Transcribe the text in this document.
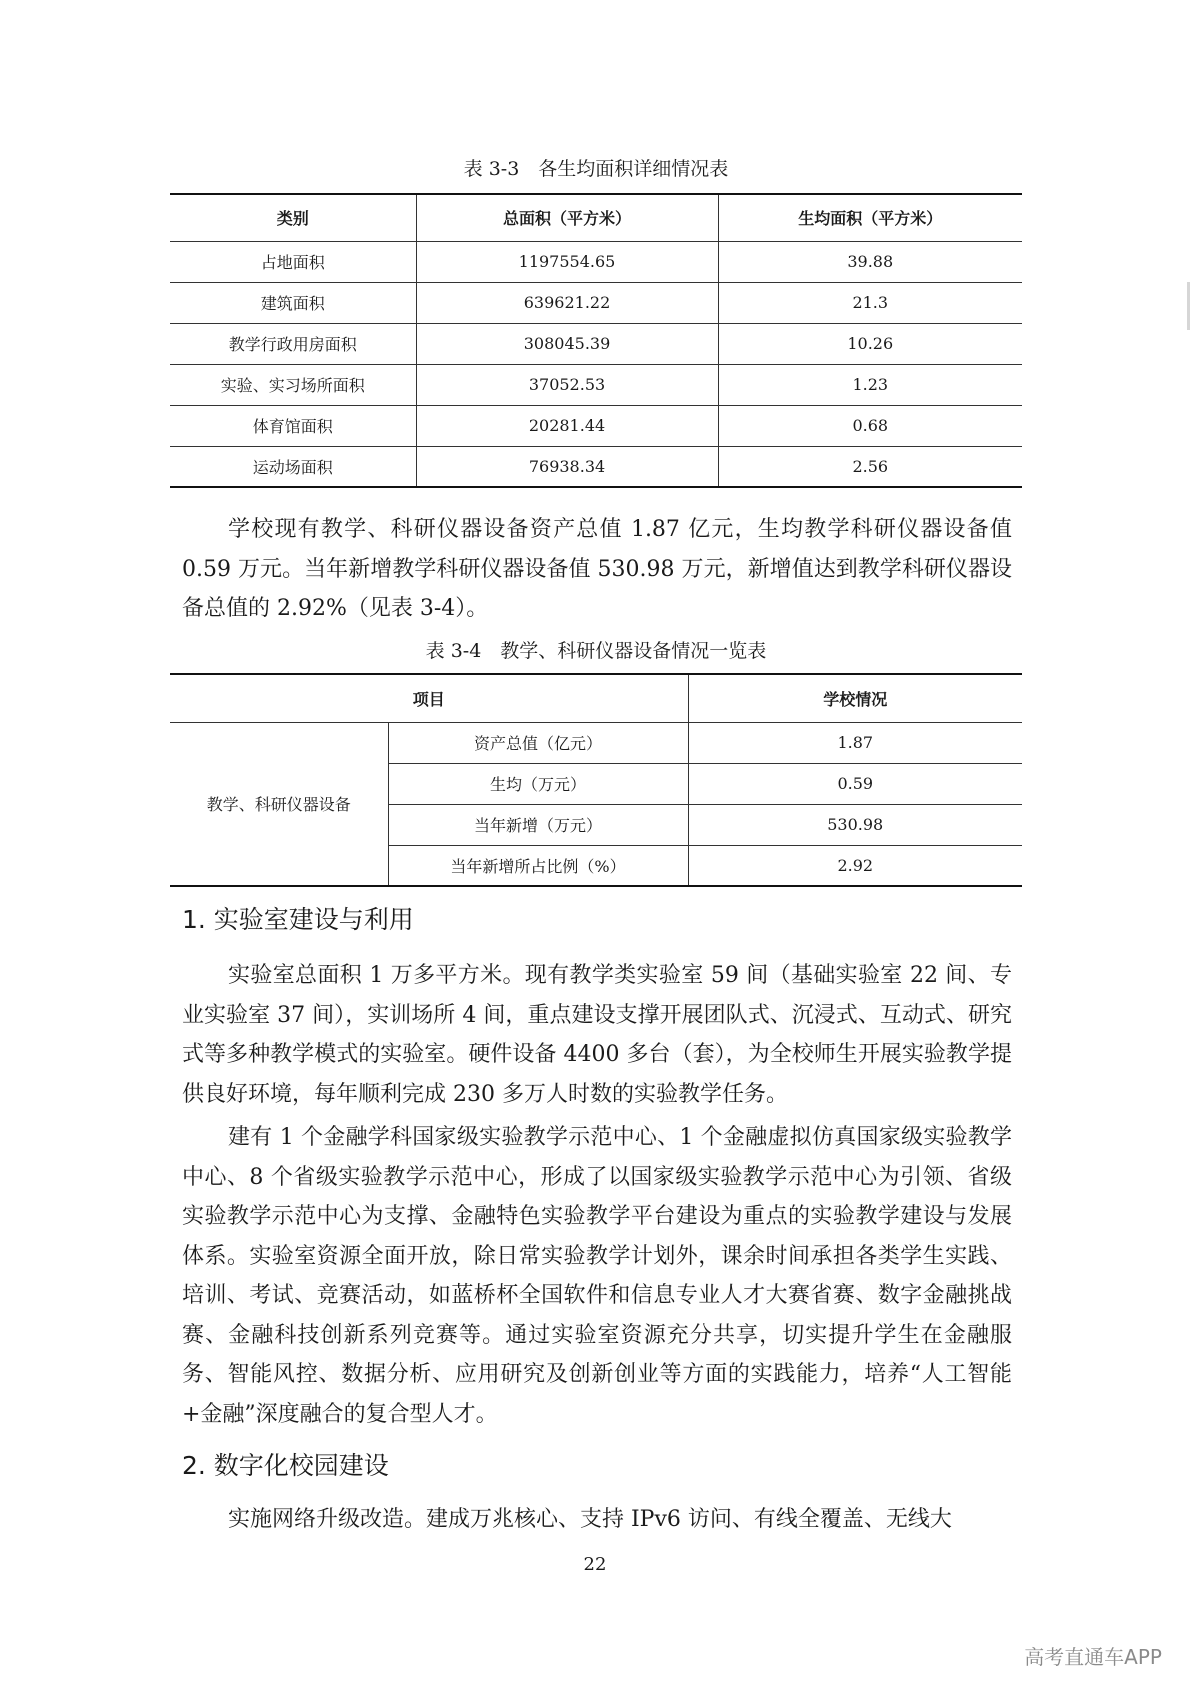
表 3-3　各生均面积详细情况表
类别	总面积（平方米）	生均面积（平方米）
占地面积	1197554.65	39.88
建筑面积	639621.22	21.3
教学行政用房面积	308045.39	10.26
实验、实习场所面积	37052.53	1.23
体育馆面积	20281.44	0.68
运动场面积	76938.34	2.56

学校现有教学、科研仪器设备资产总值 1.87 亿元，生均教学科研仪器设备值 0.59 万元。当年新增教学科研仪器设备值 530.98 万元，新增值达到教学科研仪器设备总值的 2.92%（见表 3-4）。

表 3-4　教学、科研仪器设备情况一览表
项目		学校情况
教学、科研仪器设备	资产总值（亿元）	1.87
	生均（万元）	0.59
	当年新增（万元）	530.98
	当年新增所占比例（%）	2.92
1. 实验室建设与利用

实验室总面积 1 万多平方米。现有教学类实验室 59 间（基础实验室 22 间、专业实验室 37 间），实训场所 4 间，重点建设支撑开展团队式、沉浸式、互动式、研究式等多种教学模式的实验室。硬件设备 4400 多台（套），为全校师生开展实验教学提供良好环境，每年顺利完成 230 多万人时数的实验教学任务。

建有 1 个金融学科国家级实验教学示范中心、1 个金融虚拟仿真国家级实验教学中心、8 个省级实验教学示范中心，形成了以国家级实验教学示范中心为引领、省级实验教学示范中心为支撑、金融特色实验教学平台建设为重点的实验教学建设与发展体系。实验室资源全面开放，除日常实验教学计划外，课余时间承担各类学生实践、培训、考试、竞赛活动，如蓝桥杯全国软件和信息专业人才大赛省赛、数字金融挑战赛、金融科技创新系列竞赛等。通过实验室资源充分共享，切实提升学生在金融服务、智能风控、数据分析、应用研究及创新创业等方面的实践能力，培养“人工智能+金融”深度融合的复合型人才。

2. 数字化校园建设

实施网络升级改造。建成万兆核心、支持 IPv6 访问、有线全覆盖、无线大

22
高考直通车APP
